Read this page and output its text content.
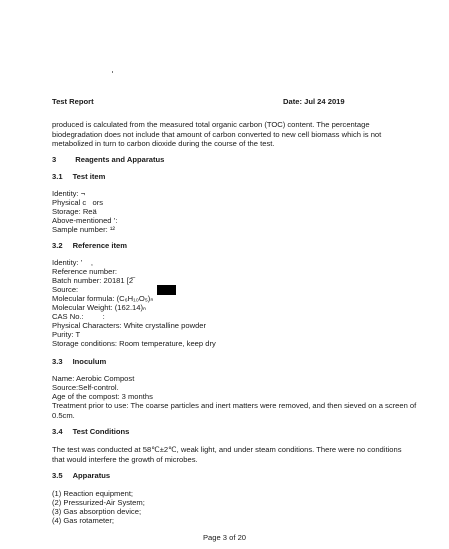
Test Report	Date: Jul 24 2019
produced is calculated from the measured total organic carbon (TOC) content. The percentage biodegradation does not include that amount of carbon converted to new cell biomass which is not metabolized in turn to carbon dioxide during the course of the test.
3	Reagents and Apparatus
3.1 Test item
Identity: ¬
Physical c   ors
Storage: Reä
Above-mentioned ’:
Sample number: ¹²
3.2 Reference item
Identity: ’    ,
Reference number:
Batch number: 20181 [2̅
Source:
Molecular formula: (C₆H₁₀O₅)ₙ
Molecular Weight: (162.14)ₙ
CAS No.:         :
Physical Characters: White crystalline powder
Purity: T
Storage conditions: Room temperature, keep dry
3.3 Inoculum
Name: Aerobic Compost
Source:Self-control.
Age of the compost: 3 months
Treatment prior to use: The coarse particles and inert matters were removed, and then sieved on a screen of 0.5cm.
3.4 Test Conditions
The test was conducted at 58℃±2℃, weak light, and under steam conditions. There were no conditions that would interfere the growth of microbes.
3.5 Apparatus
(1) Reaction equipment;
(2) Pressurized-Air System;
(3) Gas absorption device;
(4) Gas rotameter;
Page 3 of 20
